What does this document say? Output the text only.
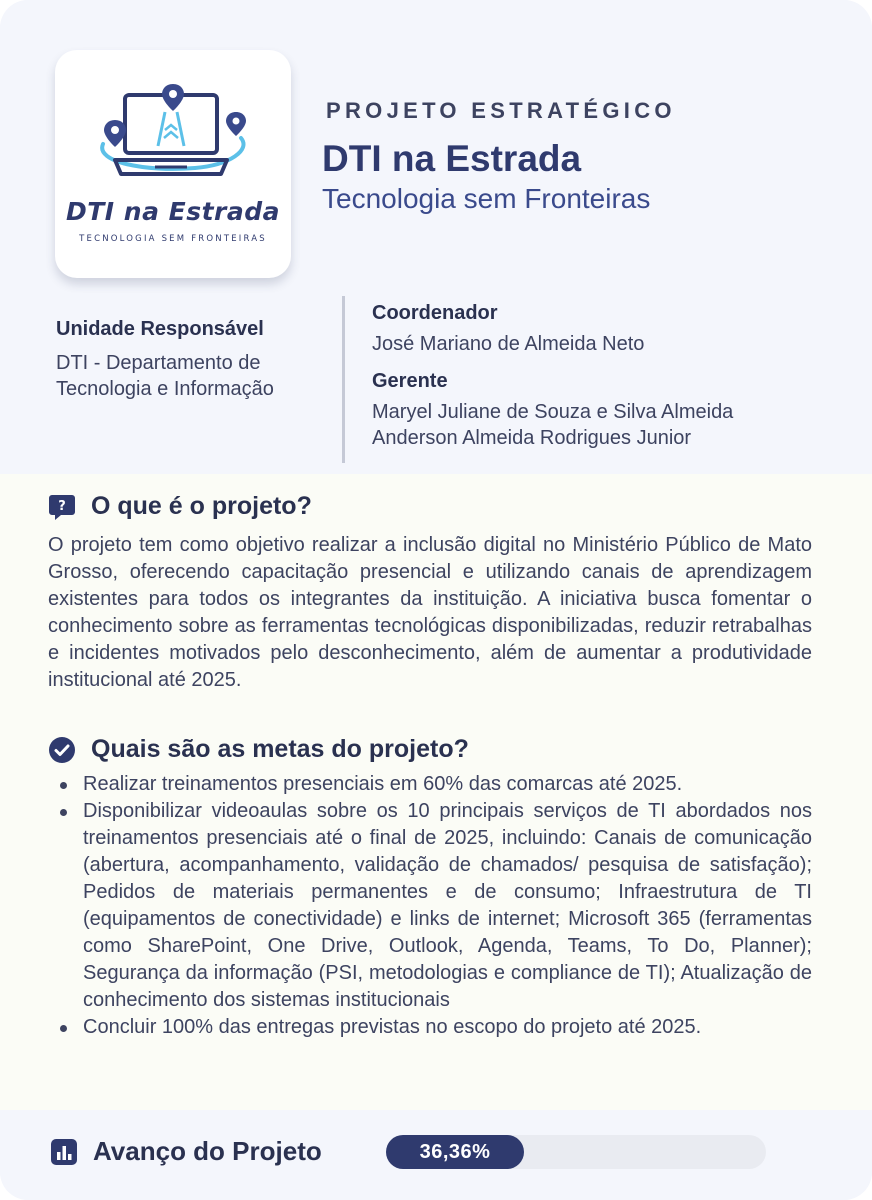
DTI na Estrada
TECNOLOGIA SEM FRONTEIRAS
PROJETO ESTRATÉGICO
DTI na Estrada
Tecnologia sem Fronteiras
Unidade Responsável
DTI - Departamento de
Tecnologia e Informação
Coordenador
José Mariano de Almeida Neto
Gerente
Maryel Juliane de Souza e Silva Almeida
Anderson Almeida Rodrigues Junior
? O que é o projeto?
O projeto tem como objetivo realizar a inclusão digital no Ministério Público de Mato Grosso, oferecendo capacitação presencial e utilizando canais de aprendizagem existentes para todos os integrantes da instituição. A iniciativa busca fomentar o conhecimento sobre as ferramentas tecnológicas disponibilizadas, reduzir retrabalhas e incidentes motivados pelo desconhecimento, além de aumentar a produtividade institucional até 2025.
Quais são as metas do projeto?
Realizar treinamentos presenciais em 60% das comarcas até 2025.
Disponibilizar videoaulas sobre os 10 principais serviços de TI abordados nos treinamentos presenciais até o final de 2025, incluindo: Canais de comunicação (abertura, acompanhamento, validação de chamados/ pesquisa de satisfação); Pedidos de materiais permanentes e de consumo; Infraestrutura de TI (equipamentos de conectividade) e links de internet; Microsoft 365 (ferramentas como SharePoint, One Drive, Outlook, Agenda, Teams, To Do, Planner); Segurança da informação (PSI, metodologias e compliance de TI); Atualização de conhecimento dos sistemas institucionais
Concluir 100% das entregas previstas no escopo do projeto até 2025.
Avanço do Projeto	36,36%
